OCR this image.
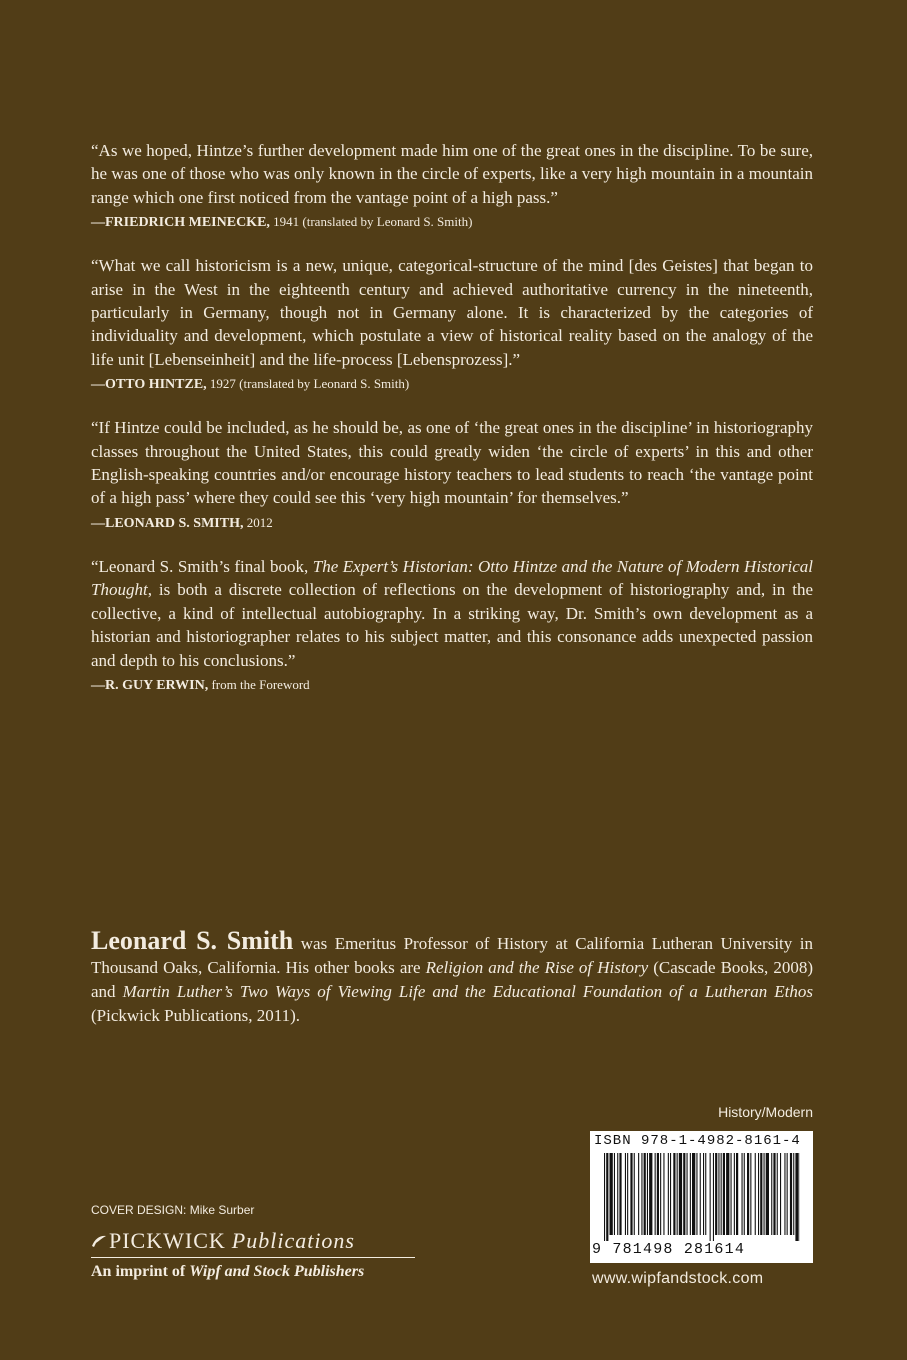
“As we hoped, Hintze’s further development made him one of the great ones in the discipline. To be sure, he was one of those who was only known in the circle of experts, like a very high mountain in a mountain range which one first noticed from the vantage point of a high pass.”

—FRIEDRICH MEINECKE, 1941 (translated by Leonard S. Smith)

“What we call historicism is a new, unique, categorical-structure of the mind [des Geistes] that began to arise in the West in the eighteenth century and achieved authoritative currency in the nineteenth, particularly in Germany, though not in Germany alone. It is characterized by the categories of individuality and development, which postulate a view of historical reality based on the analogy of the life unit [Lebenseinheit] and the life-process [Lebensprozess].”

—OTTO HINTZE, 1927 (translated by Leonard S. Smith)

“If Hintze could be included, as he should be, as one of ‘the great ones in the discipline’ in historiography classes throughout the United States, this could greatly widen ‘the circle of experts’ in this and other English-speaking countries and/or encourage history teachers to lead students to reach ‘the vantage point of a high pass’ where they could see this ‘very high mountain’ for themselves.”

—LEONARD S. SMITH, 2012

“Leonard S. Smith’s final book, The Expert’s Historian: Otto Hintze and the Nature of Modern Historical Thought, is both a discrete collection of reflections on the development of historiography and, in the collective, a kind of intellectual autobiography. In a striking way, Dr. Smith’s own development as a historian and historiographer relates to his subject matter, and this consonance adds unexpected passion and depth to his conclusions.”

—R. GUY ERWIN, from the Foreword

Leonard S. Smith was Emeritus Professor of History at California Lutheran University in Thousand Oaks, California. His other books are Religion and the Rise of History (Cascade Books, 2008) and Martin Luther’s Two Ways of Viewing Life and the Educational Foundation of a Lutheran Ethos (Pickwick Publications, 2011).

History/Modern
ISBN 978-1-4982-8161-4
9 781498 281614
www.wipfandstock.com
COVER DESIGN: Mike Surber
PICKWICK Publications
An imprint of Wipf and Stock Publishers
